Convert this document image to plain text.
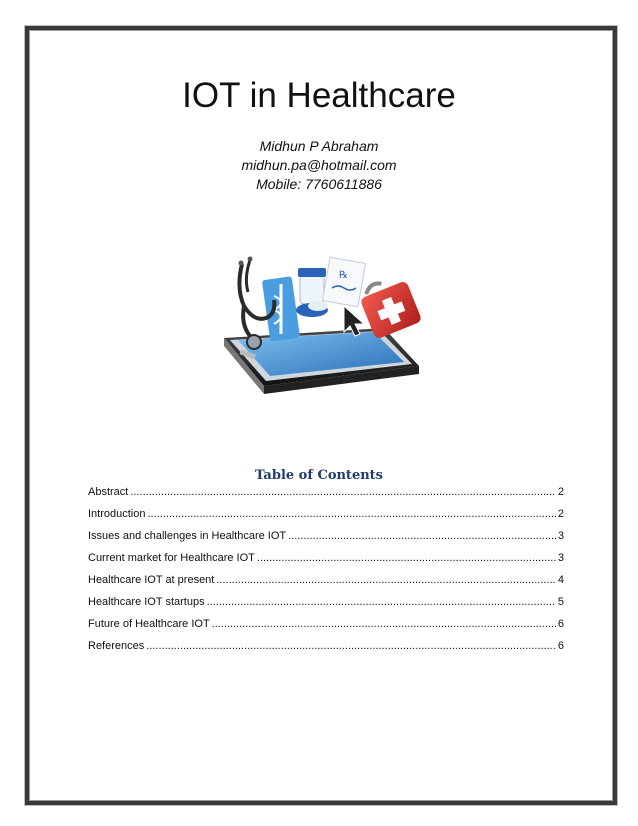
IOT in Healthcare
Midhun P Abraham
midhun.pa@hotmail.com
Mobile: 7760611886
℞
Table of Contents
Abstract .....	2
Introduction .....	2
Issues and challenges in Healthcare IOT .....	3
Current market for Healthcare IOT .....	3
Healthcare IOT at present .....	4
Healthcare IOT startups .....	5
Future of Healthcare IOT .....	6
References .....	6
